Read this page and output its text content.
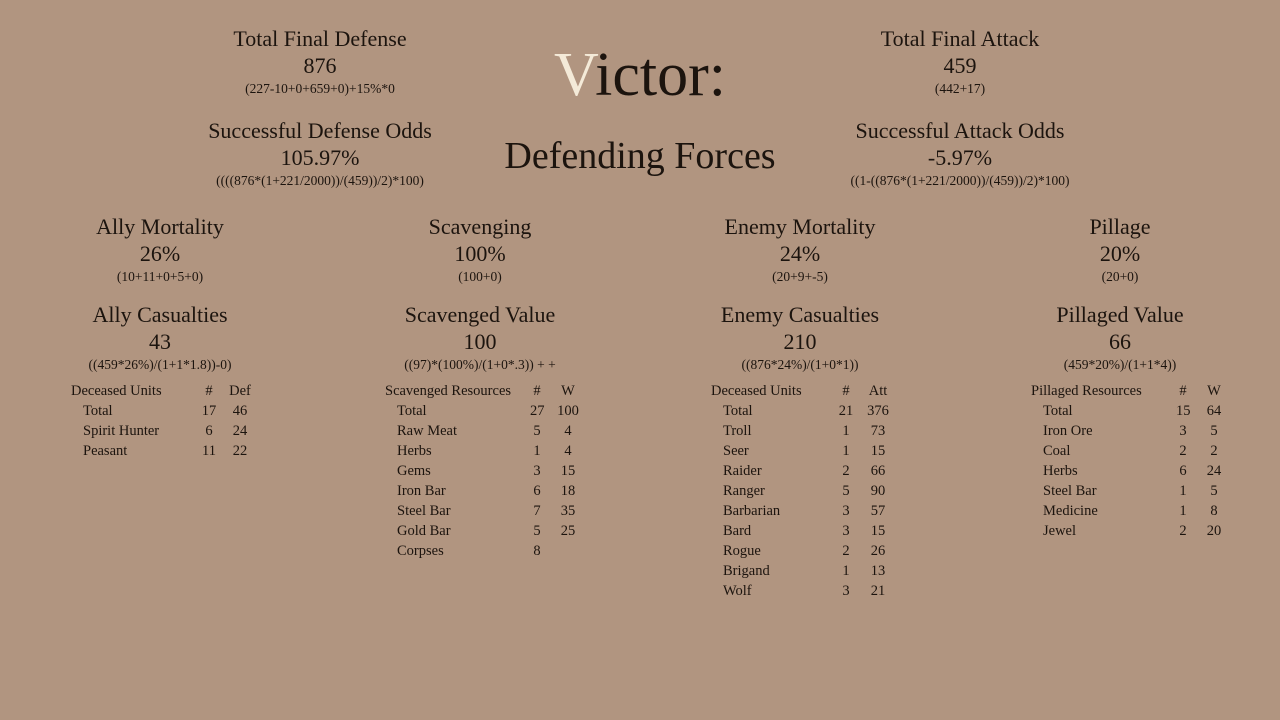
Victor:
Defending Forces
Total Final Defense
876
(227-10+0+659+0)+15%*0
Total Final Attack
459
(442+17)
Successful Defense Odds
105.97%
((((876*(1+221/2000))/(459))/2)*100)
Successful Attack Odds
-5.97%
((1-((876*(1+221/2000))/(459))/2)*100)
Ally Mortality
26%
(10+11+0+5+0)
Scavenging
100%
(100+0)
Enemy Mortality
24%
(20+9+-5)
Pillage
20%
(20+0)
Ally Casualties
43
((459*26%)/(1+1*1.8))-0)
Scavenged Value
100
((97)*(100%)/(1+0*.3)) + +
Enemy Casualties
210
((876*24%)/(1+0*1))
Pillaged Value
66
(459*20%)/(1+1*4))
Deceased Units	#	Def
Total	17	46
Spirit Hunter	6	24
Peasant	11	22
Scavenged Resources #	W
Total	27 100
Raw Meat	5	4
Herbs	1	4
Gems	3	15
Iron Bar	6	18
Steel Bar	7	35
Gold Bar	5	25
Corpses	8
Deceased Units	#	Att
Total	21 376
Troll	1	73
Seer	1	15
Raider	2	66
Ranger	5	90
Barbarian	3	57
Bard	3	15
Rogue	2	26
Brigand	1	13
Wolf	3	21
Pillaged Resources	#	W
Total	15	64
Iron Ore	3	5
Coal	2	2
Herbs	6	24
Steel Bar	1	5
Medicine	1	8
Jewel	2	20
